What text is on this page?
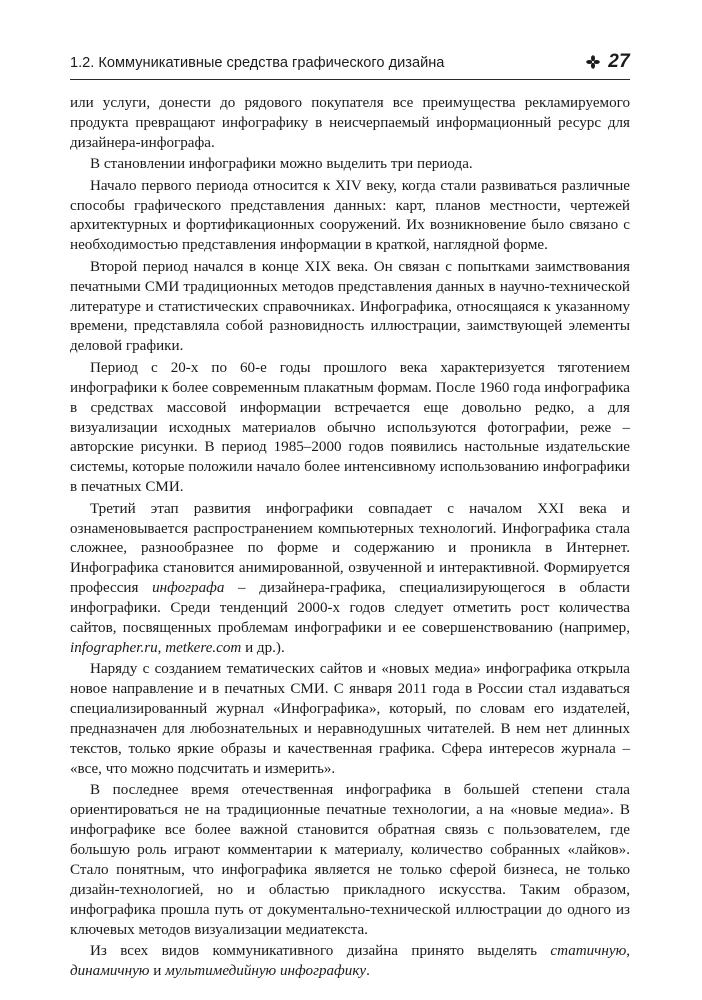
1.2. Коммуникативные средства графического дизайна	27

или услуги, донести до рядового покупателя все преимущества рекламируемого продукта превращают инфографику в неисчерпаемый информационный ресурс для дизайнера-инфографа.

В становлении инфографики можно выделить три периода.

Начало первого периода относится к XIV веку, когда стали развиваться различные способы графического представления данных: карт, планов местности, чертежей архитектурных и фортификационных сооружений. Их возникновение было связано с необходимостью представления информации в краткой, наглядной форме.

Второй период начался в конце XIX века. Он связан с попытками заимствования печатными СМИ традиционных методов представления данных в научно-технической литературе и статистических справочниках. Инфографика, относящаяся к указанному времени, представляла собой разновидность иллюстрации, заимствующей элементы деловой графики.

Период с 20-х по 60-е годы прошлого века характеризуется тяготением инфографики к более современным плакатным формам. После 1960 года инфографика в средствах массовой информации встречается еще довольно редко, а для визуализации исходных материалов обычно используются фотографии, реже – авторские рисунки. В период 1985–2000 годов появились настольные издательские системы, которые положили начало более интенсивному использованию инфографики в печатных СМИ.

Третий этап развития инфографики совпадает с началом XXI века и ознаменовывается распространением компьютерных технологий. Инфографика стала сложнее, разнообразнее по форме и содержанию и проникла в Интернет. Инфографика становится анимированной, озвученной и интерактивной. Формируется профессия инфографа – дизайнера-графика, специализирующегося в области инфографики. Среди тенденций 2000-х годов следует отметить рост количества сайтов, посвященных проблемам инфографики и ее совершенствованию (например, infographer.ru, metkere.com и др.).

Наряду с созданием тематических сайтов и «новых медиа» инфографика открыла новое направление и в печатных СМИ. С января 2011 года в России стал издаваться специализированный журнал «Инфографика», который, по словам его издателей, предназначен для любознательных и неравнодушных читателей. В нем нет длинных текстов, только яркие образы и качественная графика. Сфера интересов журнала – «все, что можно подсчитать и измерить».

В последнее время отечественная инфографика в большей степени стала ориентироваться не на традиционные печатные технологии, а на «новые медиа». В инфографике все более важной становится обратная связь с пользователем, где большую роль играют комментарии к материалу, количество собранных «лайков». Стало понятным, что инфографика является не только сферой бизнеса, не только дизайн-технологией, но и областью прикладного искусства. Таким образом, инфографика прошла путь от документально-технической иллюстрации до одного из ключевых методов визуализации медиатекста.

Из всех видов коммуникативного дизайна принято выделять статичную, динамичную и мультимедийную инфографику.
